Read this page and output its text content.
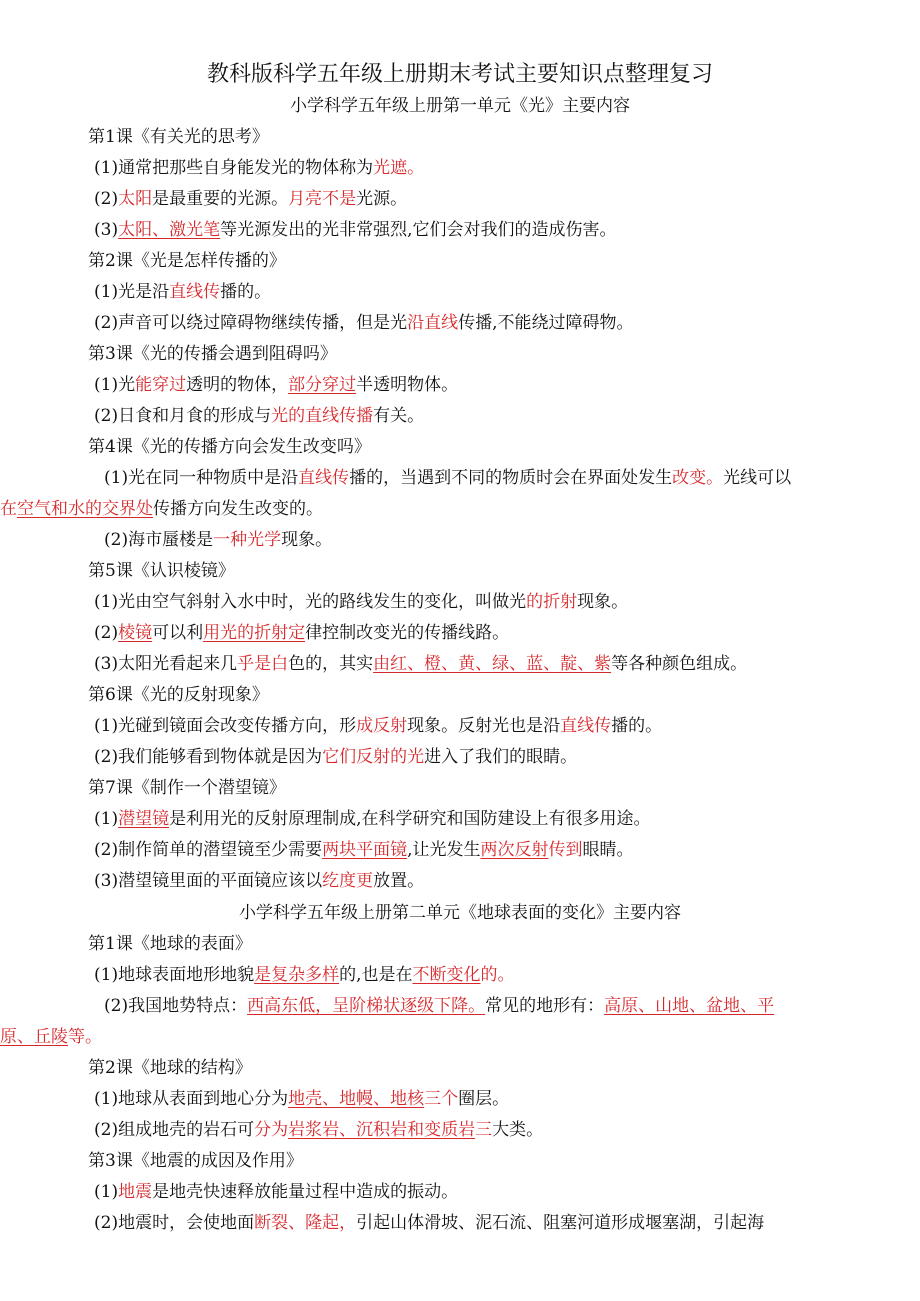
教科版科学五年级上册期末考试主要知识点整理复习

小学科学五年级上册第一单元《光》主要内容

第1课《有关光的思考》

(1)通常把那些自身能发光的物体称为光遮。

(2)太阳是最重要的光源。月亮不是光源。

(3)太阳、激光笔等光源发出的光非常强烈,它们会对我们的造成伤害。

第2课《光是怎样传播的》

(1)光是沿直线传播的。

(2)声音可以绕过障碍物继续传播，但是光沿直线传播,不能绕过障碍物。

第3课《光的传播会遇到阻碍吗》

(1)光能穿过透明的物体，部分穿过半透明物体。

(2)日食和月食的形成与光的直线传播有关。

第4课《光的传播方向会发生改变吗》

(1)光在同一种物质中是沿直线传播的，当遇到不同的物质时会在界面处发生改变。光线可以
在空气和水的交界处传播方向发生改变的。

(2)海市蜃楼是一种光学现象。

第5课《认识棱镜》

(1)光由空气斜射入水中时，光的路线发生的变化，叫做光的折射现象。

(2)棱镜可以利用光的折射定律控制改变光的传播线路。

(3)太阳光看起来几乎是白色的，其实由红、橙、黄、绿、蓝、靛、紫等各种颜色组成。

第6课《光的反射现象》

(1)光碰到镜面会改变传播方向，形成反射现象。反射光也是沿直线传播的。

(2)我们能够看到物体就是因为它们反射的光进入了我们的眼睛。

第7课《制作一个潜望镜》

(1)潜望镜是利用光的反射原理制成,在科学研究和国防建设上有很多用途。

(2)制作简单的潜望镜至少需要两块平面镜,让光发生两次反射传到眼睛。

(3)潜望镜里面的平面镜应该以纥度更放置。

小学科学五年级上册第二单元《地球表面的变化》主要内容

第1课《地球的表面》

(1)地球表面地形地貌是复杂多样的,也是在不断变化的。

(2)我国地势特点：西高东低，呈阶梯状逐级下降。常见的地形有：高原、山地、盆地、平
原、丘陵等。

第2课《地球的结构》

(1)地球从表面到地心分为地壳、地幔、地核三个圈层。

(2)组成地壳的岩石可分为岩浆岩、沉积岩和变质岩三大类。

第3课《地震的成因及作用》

(1)地震是地壳快速释放能量过程中造成的振动。

(2)地震时，会使地面断裂、隆起，引起山体滑坡、泥石流、阻塞河道形成堰塞湖，引起海
